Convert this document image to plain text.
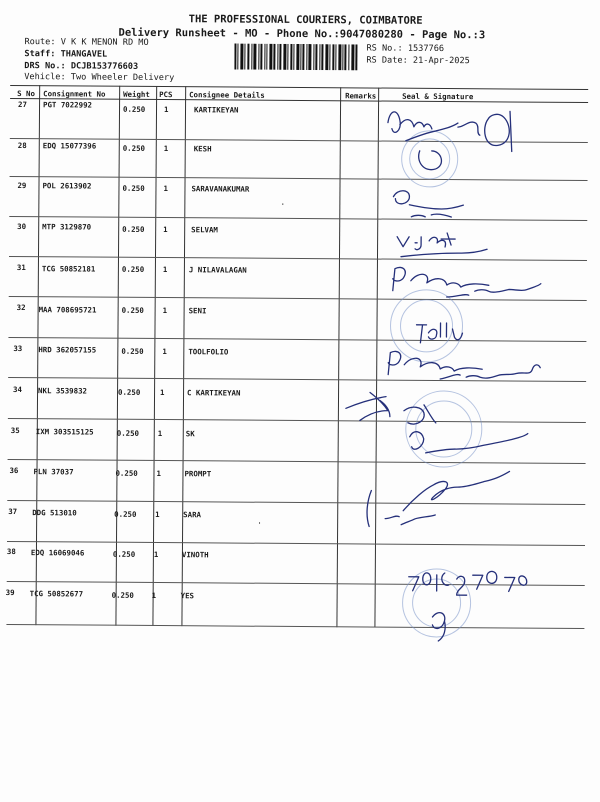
THE PROFESSIONAL COURIERS, COIMBATORE
Delivery Runsheet - MO - Phone No.:9047080280 - Page No.:3
Route: V K K MENON RD MO
Staff: THANGAVEL
DRS No.: DCJB153776603
Vehicle: Two Wheeler Delivery
RS No.: 1537766
RS Date: 21-Apr-2025
S No Consignment No Weight PCS Consignee Details	Remarks	Seal & Signature
27 PGT 7022992	0.250	1	KARTIKEYAN
28 EDQ 15077396	0.250	1	KESH
29 POL 2613902	0.250	1	SARAVANAKUMAR
30 MTP 3129870	0.250	1	SELVAM
31 TCG 50852181	0.250	1	J NILAVALAGAN
32 MAA 708695721	0.250	1	SENI
33 HRD 362057155	0.250	1	TOOLFOLIO
34 NKL 3539832	0.250	1	C KARTIKEYAN
35 IXM 303515125	0.250	1	SK
36 PLN 37037	0.250	1	PROMPT
37 DDG 513010	0.250	1	SARA
38 EDQ 16069046	0.250	1	VINOTH
39 TCG 50852677	0.250 1	YES
·
·
